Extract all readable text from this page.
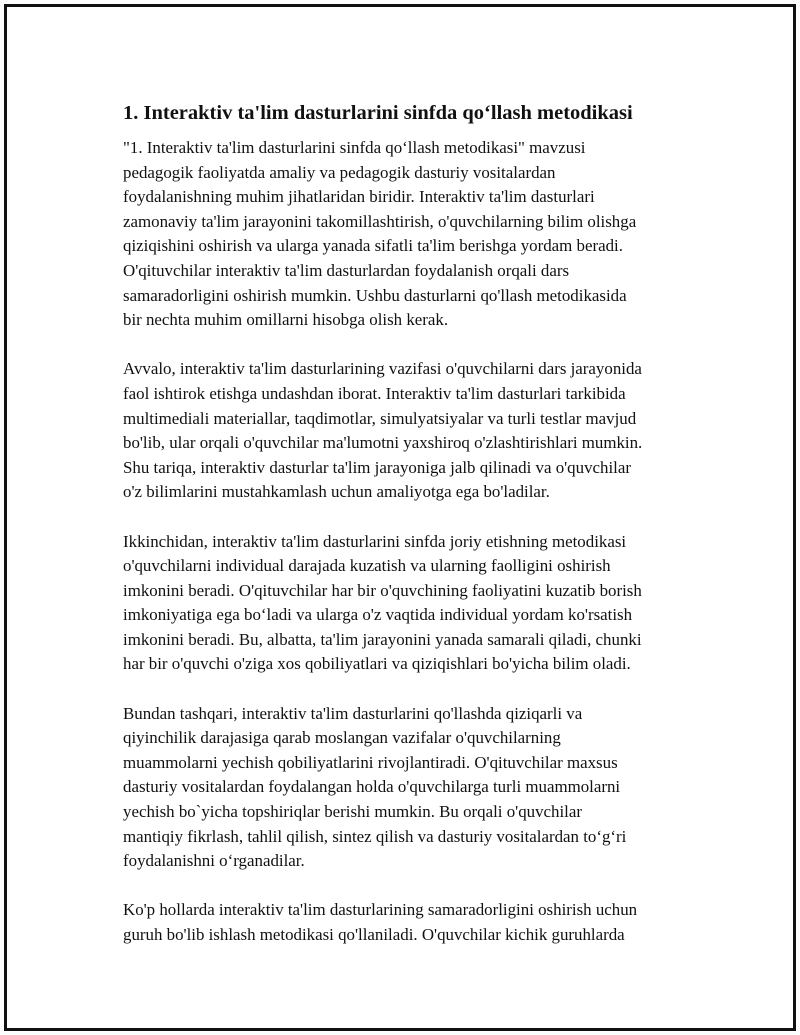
1. Interaktiv ta'lim dasturlarini sinfda qo‘llash metodikasi

"1. Interaktiv ta'lim dasturlarini sinfda qo‘llash metodikasi" mavzusi
pedagogik faoliyatda amaliy va pedagogik dasturiy vositalardan
foydalanishning muhim jihatlaridan biridir. Interaktiv ta'lim dasturlari
zamonaviy ta'lim jarayonini takomillashtirish, o'quvchilarning bilim olishga
qiziqishini oshirish va ularga yanada sifatli ta'lim berishga yordam beradi.
O'qituvchilar interaktiv ta'lim dasturlardan foydalanish orqali dars
samaradorligini oshirish mumkin. Ushbu dasturlarni qo'llash metodikasida
bir nechta muhim omillarni hisobga olish kerak.

Avvalo, interaktiv ta'lim dasturlarining vazifasi o'quvchilarni dars jarayonida
faol ishtirok etishga undashdan iborat. Interaktiv ta'lim dasturlari tarkibida
multimediali materiallar, taqdimotlar, simulyatsiyalar va turli testlar mavjud
bo'lib, ular orqali o'quvchilar ma'lumotni yaxshiroq o'zlashtirishlari mumkin.
Shu tariqa, interaktiv dasturlar ta'lim jarayoniga jalb qilinadi va o'quvchilar
o'z bilimlarini mustahkamlash uchun amaliyotga ega bo'ladilar.

Ikkinchidan, interaktiv ta'lim dasturlarini sinfda joriy etishning metodikasi
o'quvchilarni individual darajada kuzatish va ularning faolligini oshirish
imkonini beradi. O'qituvchilar har bir o'quvchining faoliyatini kuzatib borish
imkoniyatiga ega bo‘ladi va ularga o'z vaqtida individual yordam ko'rsatish
imkonini beradi. Bu, albatta, ta'lim jarayonini yanada samarali qiladi, chunki
har bir o'quvchi o'ziga xos qobiliyatlari va qiziqishlari bo'yicha bilim oladi.

Bundan tashqari, interaktiv ta'lim dasturlarini qo'llashda qiziqarli va
qiyinchilik darajasiga qarab moslangan vazifalar o'quvchilarning
muammolarni yechish qobiliyatlarini rivojlantiradi. O'qituvchilar maxsus
dasturiy vositalardan foydalangan holda o'quvchilarga turli muammolarni
yechish bo`yicha topshiriqlar berishi mumkin. Bu orqali o'quvchilar
mantiqiy fikrlash, tahlil qilish, sintez qilish va dasturiy vositalardan to‘g‘ri
foydalanishni o‘rganadilar.

Ko'p hollarda interaktiv ta'lim dasturlarining samaradorligini oshirish uchun
guruh bo'lib ishlash metodikasi qo'llaniladi. O'quvchilar kichik guruhlarda
